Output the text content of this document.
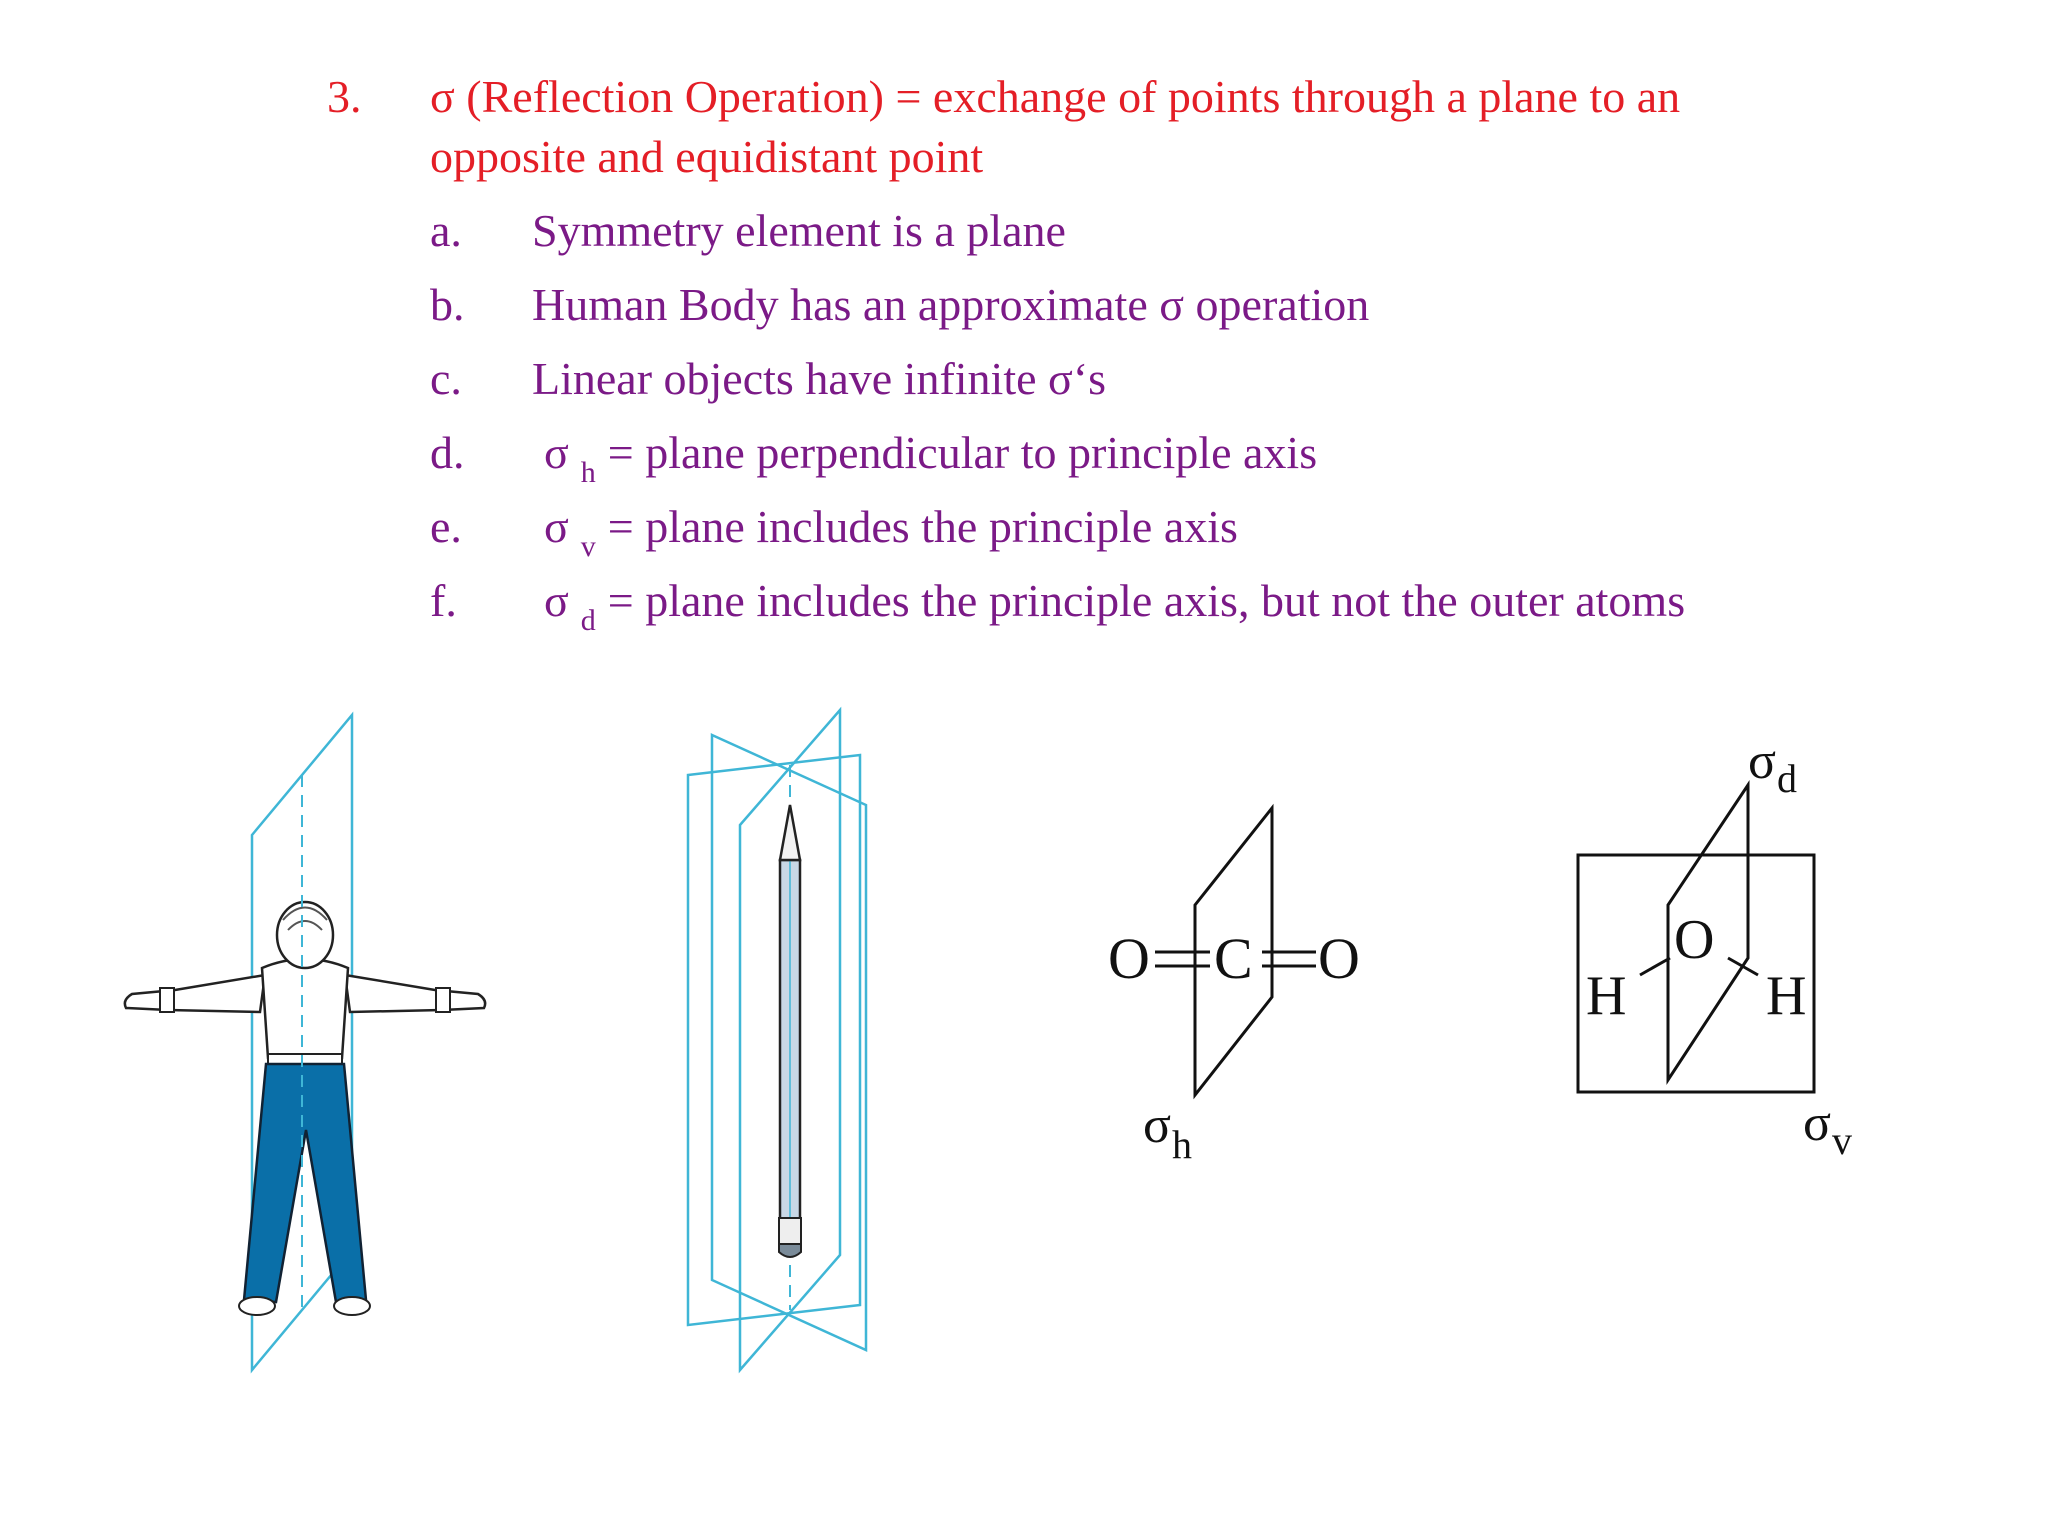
3. σ (Reflection Operation) = exchange of points through a plane to an
opposite and equidistant point
a. Symmetry element is a plane
b. Human Body has an approximate σ operation
c. Linear objects have infinite σ‘s
d. σ $_h$ = plane perpendicular to principle axis
e. σ $_v$ = plane includes the principle axis
f. σ $_d$ = plane includes the principle axis, but not the outer atoms
O C O
σ h
O
H H
σ d
σ v
